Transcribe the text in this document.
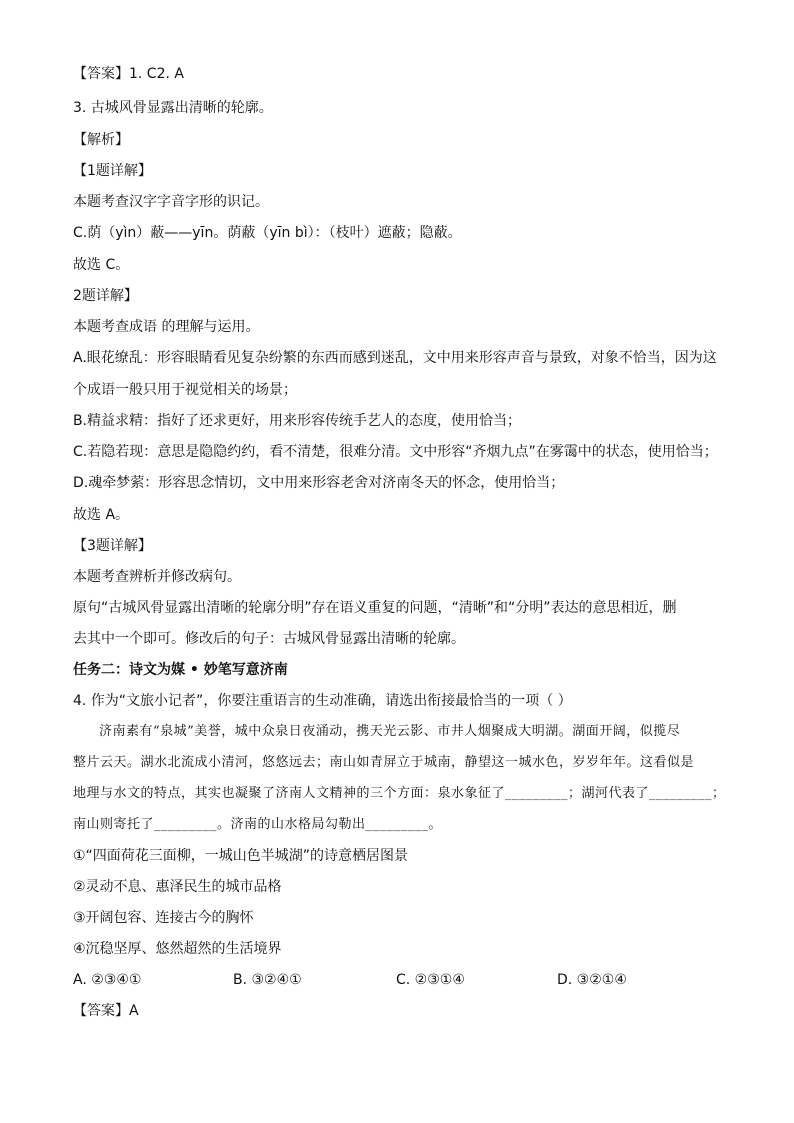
【答案】1. C2. A
3. 古城风骨显露出清晰的轮廓。
【解析】
【1题详解】
本题考查汉字字音字形的识记。
C.荫（yìn）蔽——yīn。荫蔽（yīn bì）：（枝叶）遮蔽；隐蔽。
故选 C。
2题详解】
本题考查成语 的理解与运用。
A.眼花缭乱：形容眼睛看见复杂纷繁的东西而感到迷乱，文中用来形容声音与景致，对象不恰当，因为这
个成语一般只用于视觉相关的场景；
B.精益求精：指好了还求更好，用来形容传统手艺人的态度，使用恰当；
C.若隐若现：意思是隐隐约约，看不清楚，很难分清。文中形容“齐烟九点”在雾霭中的状态，使用恰当；
D.魂牵梦萦：形容思念情切，文中用来形容老舍对济南冬天的怀念，使用恰当；
故选 A。
【3题详解】
本题考查辨析并修改病句。
原句“古城风骨显露出清晰的轮廓分明”存在语义重复的问题，“清晰”和“分明”表达的意思相近，删
去其中一个即可。修改后的句子：古城风骨显露出清晰的轮廓。
任务二：诗文为媒 • 妙笔写意济南
4. 作为“文旅小记者”，你要注重语言的生动准确，请选出衔接最恰当的一项（ ）
济南素有“泉城”美誉，城中众泉日夜涌动，携天光云影、市井人烟聚成大明湖。湖面开阔，似揽尽
整片云天。湖水北流成小清河，悠悠远去；南山如青屏立于城南，静望这一城水色，岁岁年年。这看似是
地理与水文的特点，其实也凝聚了济南人文精神的三个方面：泉水象征了_________；湖河代表了_________；
南山则寄托了_________。济南的山水格局勾勒出_________。
①“四面荷花三面柳，一城山色半城湖”的诗意栖居图景
②灵动不息、惠泽民生的城市品格
③开阔包容、连接古今的胸怀
④沉稳坚厚、悠然超然的生活境界
A. ②③④①	B. ③②④①	C. ②③①④	D. ③②①④
【答案】A
